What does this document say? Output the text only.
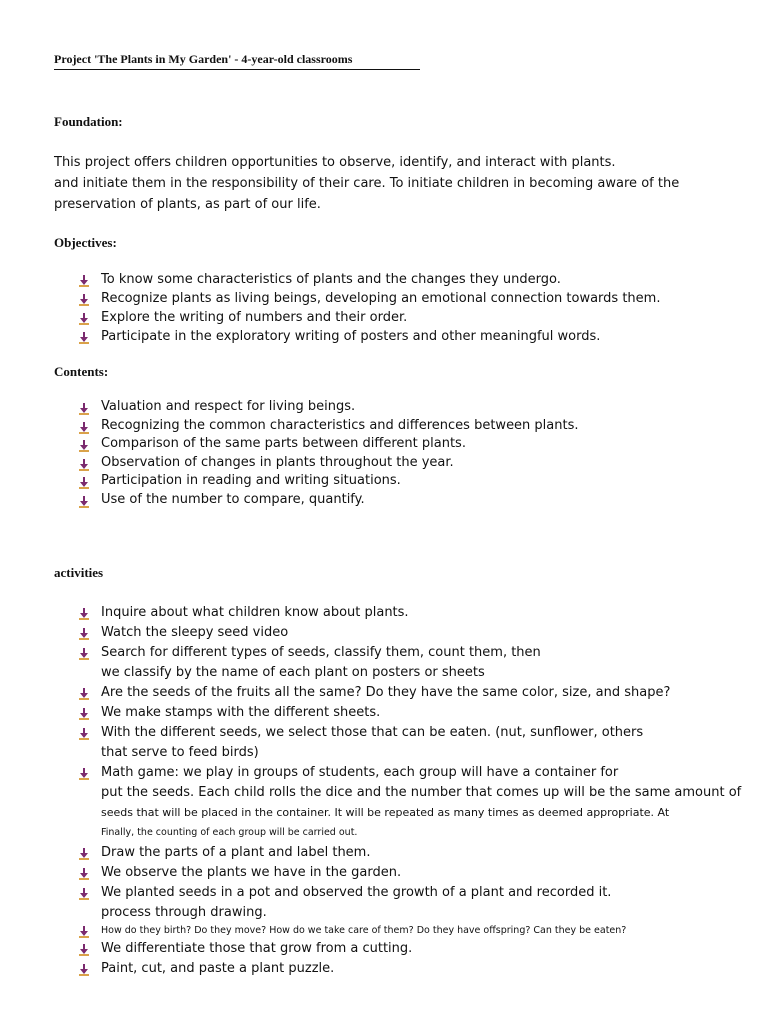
Project 'The Plants in My Garden' - 4-year-old classrooms
Foundation:
This project offers children opportunities to observe, identify, and interact with plants.
and initiate them in the responsibility of their care. To initiate children in becoming aware of the
preservation of plants, as part of our life.
Objectives:
To know some characteristics of plants and the changes they undergo.
Recognize plants as living beings, developing an emotional connection towards them.
Explore the writing of numbers and their order.
Participate in the exploratory writing of posters and other meaningful words.
Contents:
Valuation and respect for living beings.
Recognizing the common characteristics and differences between plants.
Comparison of the same parts between different plants.
Observation of changes in plants throughout the year.
Participation in reading and writing situations.
Use of the number to compare, quantify.
activities
Inquire about what children know about plants.
Watch the sleepy seed video
Search for different types of seeds, classify them, count them, then
we classify by the name of each plant on posters or sheets
Are the seeds of the fruits all the same? Do they have the same color, size, and shape?
We make stamps with the different sheets.
With the different seeds, we select those that can be eaten. (nut, sunflower, others
that serve to feed birds)
Math game: we play in groups of students, each group will have a container for
put the seeds. Each child rolls the dice and the number that comes up will be the same amount of
seeds that will be placed in the container. It will be repeated as many times as deemed appropriate. At
Finally, the counting of each group will be carried out.
Draw the parts of a plant and label them.
We observe the plants we have in the garden.
We planted seeds in a pot and observed the growth of a plant and recorded it.
process through drawing.
How do they birth? Do they move? How do we take care of them? Do they have offspring? Can they be eaten?
We differentiate those that grow from a cutting.
Paint, cut, and paste a plant puzzle.
